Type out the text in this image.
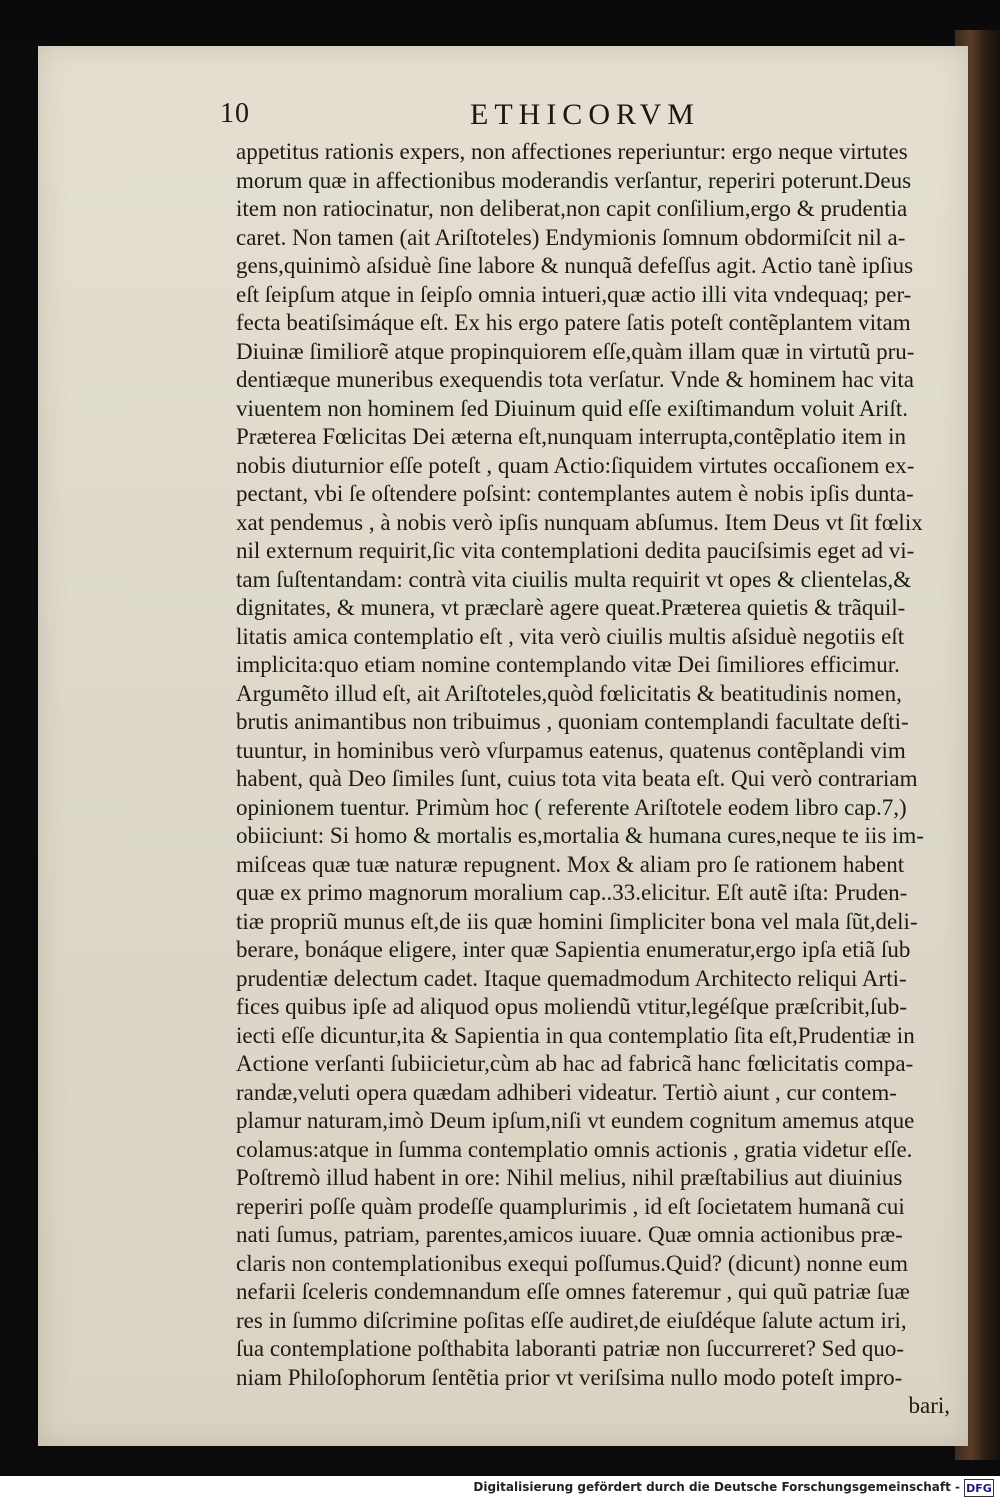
10	ETHICORVM
appetitus rationis expers, non affectiones reperiuntur: ergo neque virtutes
morum quæ in affectionibus moderandis verſantur, reperiri poterunt.Deus
item non ratiocinatur, non deliberat,non capit conſilium,ergo & prudentia
caret. Non tamen (ait Ariſtoteles) Endymionis ſomnum obdormiſcit nil a-
gens,quinimò aſsiduè ſine labore & nunquã defeſſus agit. Actio tanè ipſius
eſt ſeipſum atque in ſeipſo omnia intueri,quæ actio illi vita vndequaq; per-
fecta beatiſsimáque eſt. Ex his ergo patere ſatis poteſt contẽplantem vitam
Diuinæ ſimiliorẽ atque propinquiorem eſſe,quàm illam quæ in virtutũ pru-
dentiæque muneribus exequendis tota verſatur. Vnde & hominem hac vita
viuentem non hominem ſed Diuinum quid eſſe exiſtimandum voluit Ariſt.
Præterea Fœlicitas Dei æterna eſt,nunquam interrupta,contẽplatio item in
nobis diuturnior eſſe poteſt , quam Actio:ſiquidem virtutes occaſionem ex-
pectant, vbi ſe oſtendere poſsint: contemplantes autem è nobis ipſis dunta-
xat pendemus , à nobis verò ipſis nunquam abſumus. Item Deus vt ſit fœlix
nil externum requirit,ſic vita contemplationi dedita pauciſsimis eget ad vi-
tam ſuſtentandam: contrà vita ciuilis multa requirit vt opes & clientelas,&
dignitates, & munera, vt præclarè agere queat.Præterea quietis & trãquil-
litatis amica contemplatio eſt , vita verò ciuilis multis aſsiduè negotiis eſt
implicita:quo etiam nomine contemplando vitæ Dei ſimiliores efficimur.
Argumẽto illud eſt, ait Ariſtoteles,quòd fœlicitatis & beatitudinis nomen,
brutis animantibus non tribuimus , quoniam contemplandi facultate deſti-
tuuntur, in hominibus verò vſurpamus eatenus, quatenus contẽplandi vim
habent, quà Deo ſimiles ſunt, cuius tota vita beata eſt. Qui verò contrariam
opinionem tuentur. Primùm hoc ( referente Ariſtotele eodem libro cap.7,)
obiiciunt: Si homo & mortalis es,mortalia & humana cures,neque te iis im-
miſceas quæ tuæ naturæ repugnent. Mox & aliam pro ſe rationem habent
quæ ex primo magnorum moralium cap..33.elicitur. Eſt autẽ iſta: Pruden-
tiæ propriũ munus eſt,de iis quæ homini ſimpliciter bona vel mala ſũt,deli-
berare, bonáque eligere, inter quæ Sapientia enumeratur,ergo ipſa etiã ſub
prudentiæ delectum cadet. Itaque quemadmodum Architecto reliqui Arti-
fices quibus ipſe ad aliquod opus moliendũ vtitur,legéſque præſcribit,ſub-
iecti eſſe dicuntur,ita & Sapientia in qua contemplatio ſita eſt,Prudentiæ in
Actione verſanti ſubiicietur,cùm ab hac ad fabricã hanc fœlicitatis compa-
randæ,veluti opera quædam adhiberi videatur. Tertiò aiunt , cur contem-
plamur naturam,imò Deum ipſum,niſi vt eundem cognitum amemus atque
colamus:atque in ſumma contemplatio omnis actionis , gratia videtur eſſe.
Poſtremò illud habent in ore: Nihil melius, nihil præſtabilius aut diuinius
reperiri poſſe quàm prodeſſe quamplurimis , id eſt ſocietatem humanã cui
nati ſumus, patriam, parentes,amicos iuuare. Quæ omnia actionibus præ-
claris non contemplationibus exequi poſſumus.Quid? (dicunt) nonne eum
nefarii ſceleris condemnandum eſſe omnes fateremur , qui quũ patriæ ſuæ
res in ſummo diſcrimine poſitas eſſe audiret,de eiuſdéque ſalute actum iri,
ſua contemplatione poſthabita laboranti patriæ non ſuccurreret? Sed quo-
niam Philoſophorum ſentẽtia prior vt veriſsima nullo modo poteſt impro-
bari,
Digitalisierung gefördert durch die Deutsche Forschungsgemeinschaft - DFG
